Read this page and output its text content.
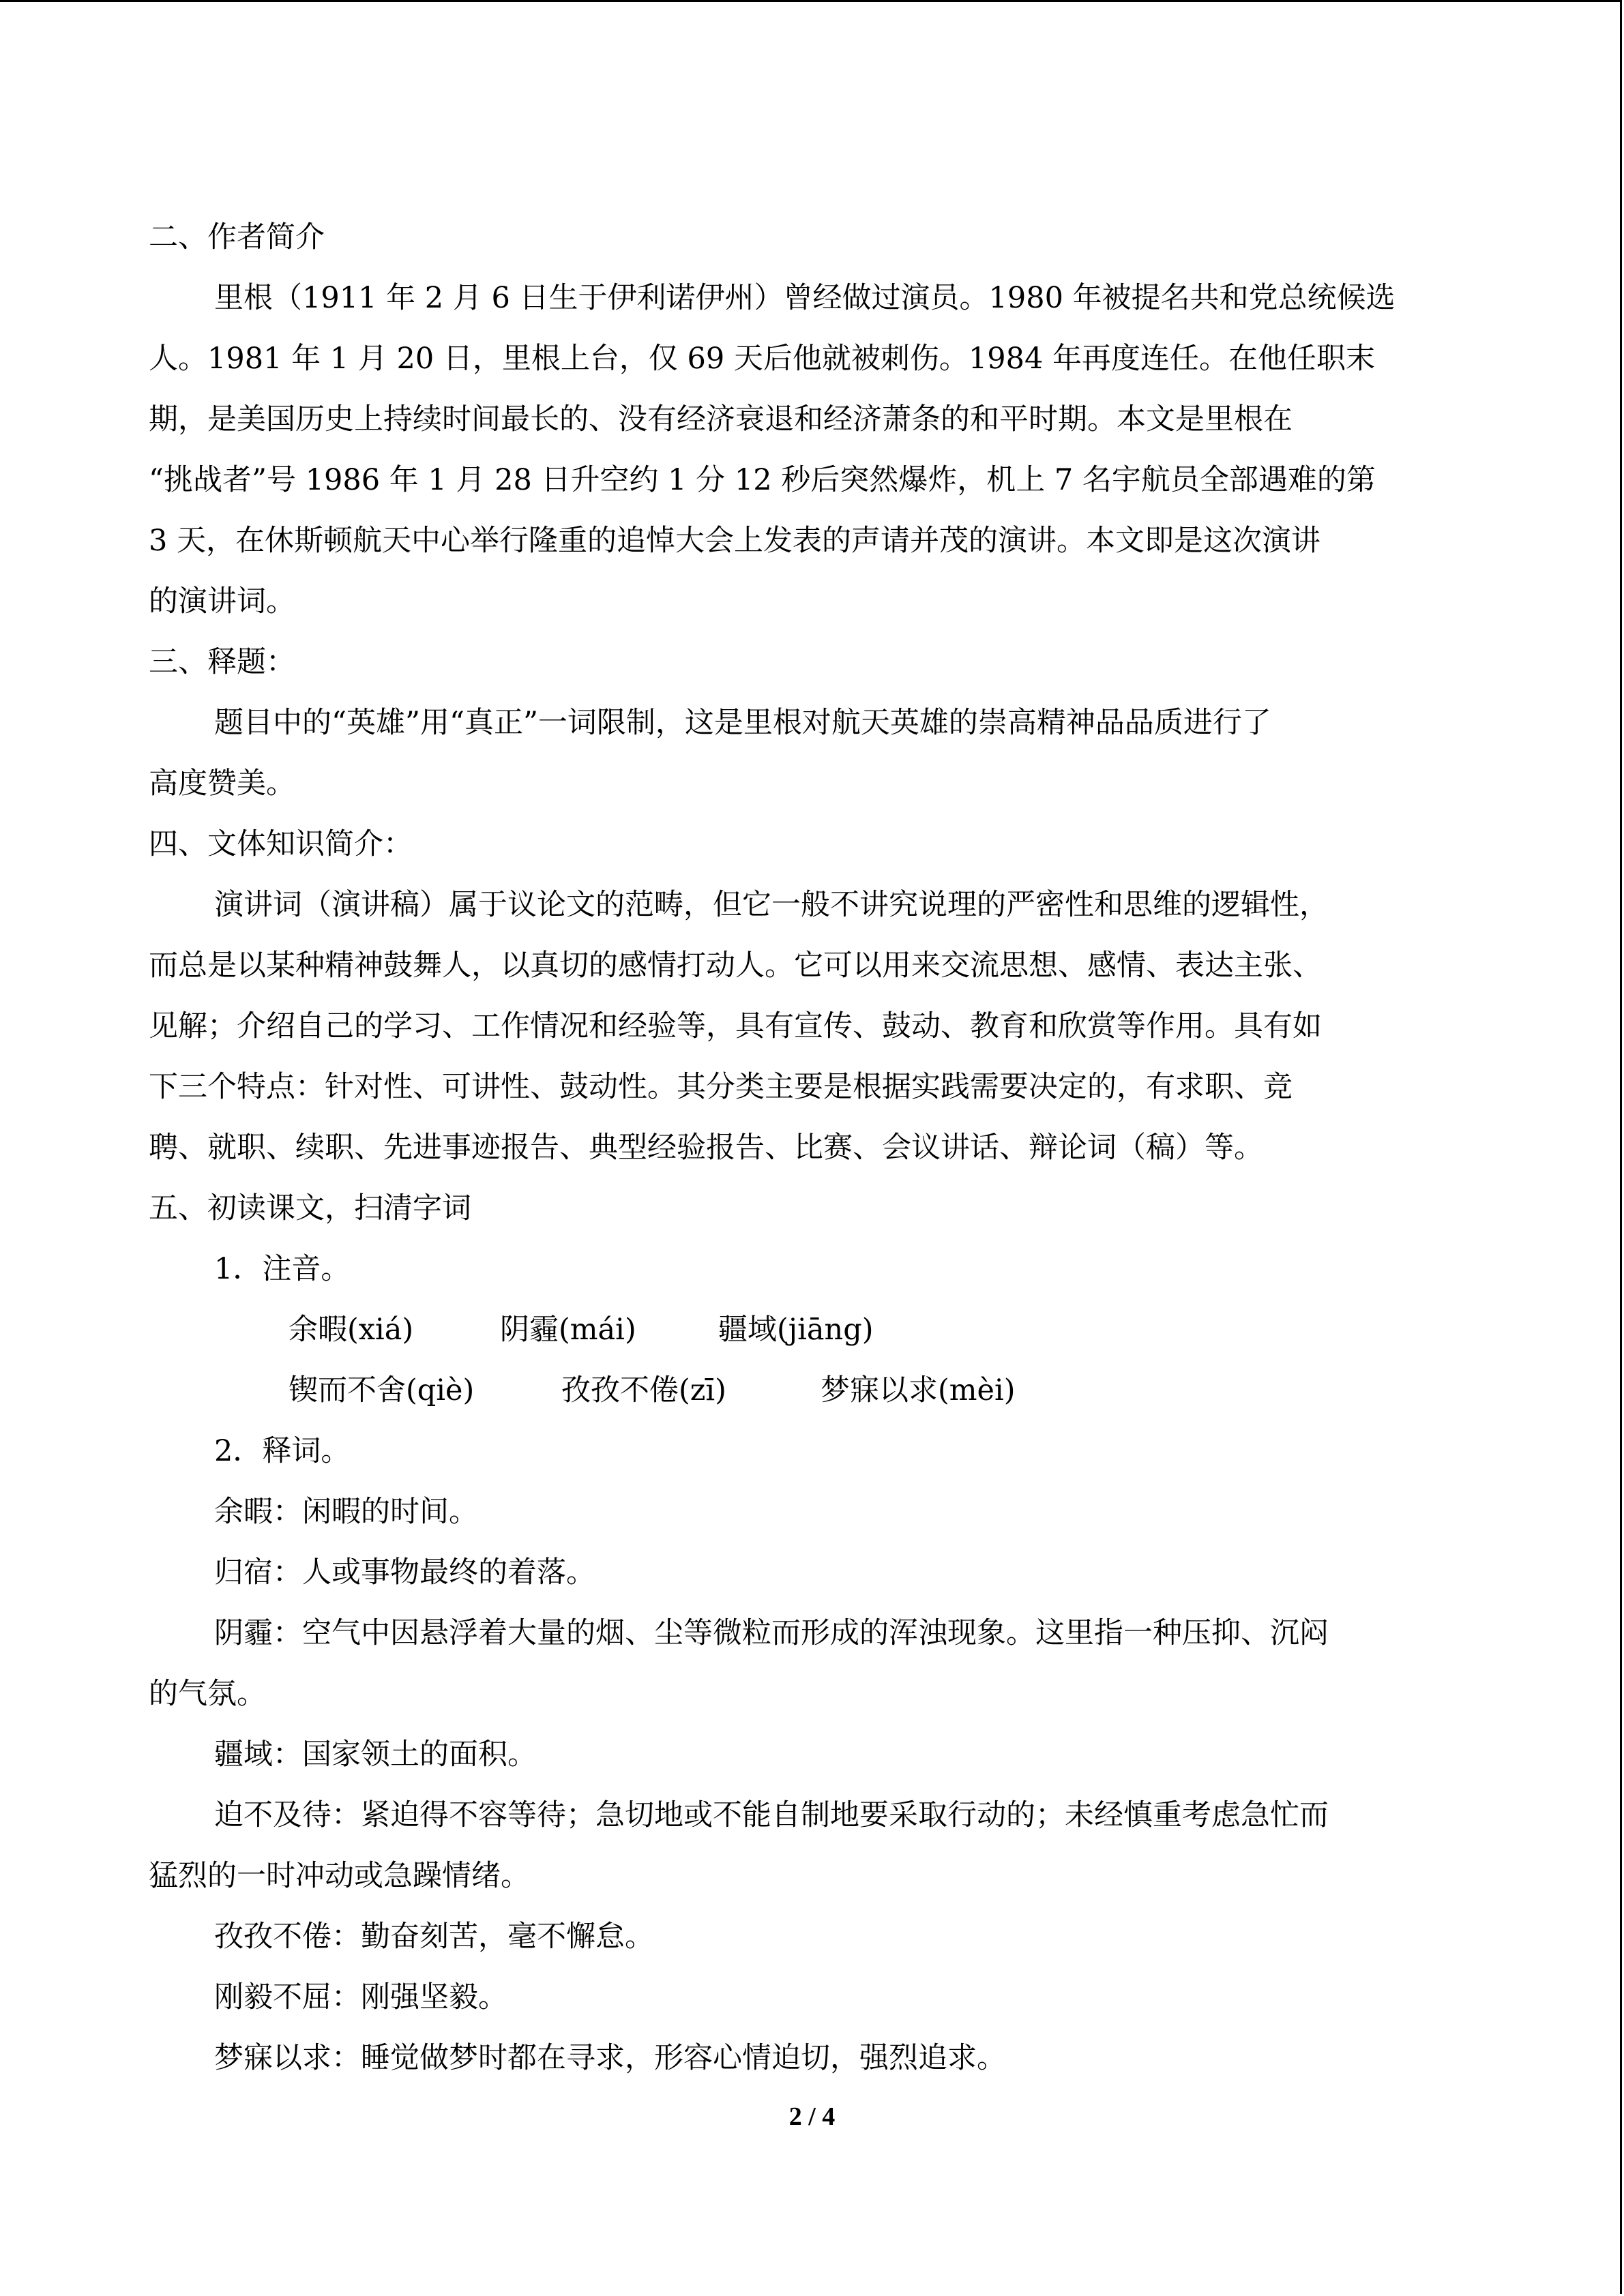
二、作者简介
里根（1911 年 2 月 6 日生于伊利诺伊州）曾经做过演员。1980 年被提名共和党总统候选
人。1981 年 1 月 20 日，里根上台，仅 69 天后他就被刺伤。1984 年再度连任。在他任职末
期，是美国历史上持续时间最长的、没有经济衰退和经济萧条的和平时期。本文是里根在
“挑战者”号 1986 年 1 月 28 日升空约 1 分 12 秒后突然爆炸，机上 7 名宇航员全部遇难的第
3 天，在休斯顿航天中心举行隆重的追悼大会上发表的声请并茂的演讲。本文即是这次演讲
的演讲词。
三、释题：
题目中的“英雄”用“真正”一词限制，这是里根对航天英雄的崇高精神品品质进行了
高度赞美。
四、文体知识简介：
演讲词（演讲稿）属于议论文的范畴，但它一般不讲究说理的严密性和思维的逻辑性，
而总是以某种精神鼓舞人，以真切的感情打动人。它可以用来交流思想、感情、表达主张、
见解；介绍自己的学习、工作情况和经验等，具有宣传、鼓动、教育和欣赏等作用。具有如
下三个特点：针对性、可讲性、鼓动性。其分类主要是根据实践需要决定的，有求职、竞
聘、就职、续职、先进事迹报告、典型经验报告、比赛、会议讲话、辩论词（稿）等。
五、初读课文，扫清字词
1．注音。
余暇(xiá)	阴霾(mái)	疆域(jiāng)
锲而不舍(qiè)	孜孜不倦(zī)	梦寐以求(mèi)
2．释词。
余暇：闲暇的时间。
归宿：人或事物最终的着落。
阴霾：空气中因悬浮着大量的烟、尘等微粒而形成的浑浊现象。这里指一种压抑、沉闷
的气氛。
疆域：国家领土的面积。
迫不及待：紧迫得不容等待；急切地或不能自制地要采取行动的；未经慎重考虑急忙而
猛烈的一时冲动或急躁情绪。
孜孜不倦：勤奋刻苦，毫不懈怠。
刚毅不屈：刚强坚毅。
梦寐以求：睡觉做梦时都在寻求，形容心情迫切，强烈追求。
2 / 4
